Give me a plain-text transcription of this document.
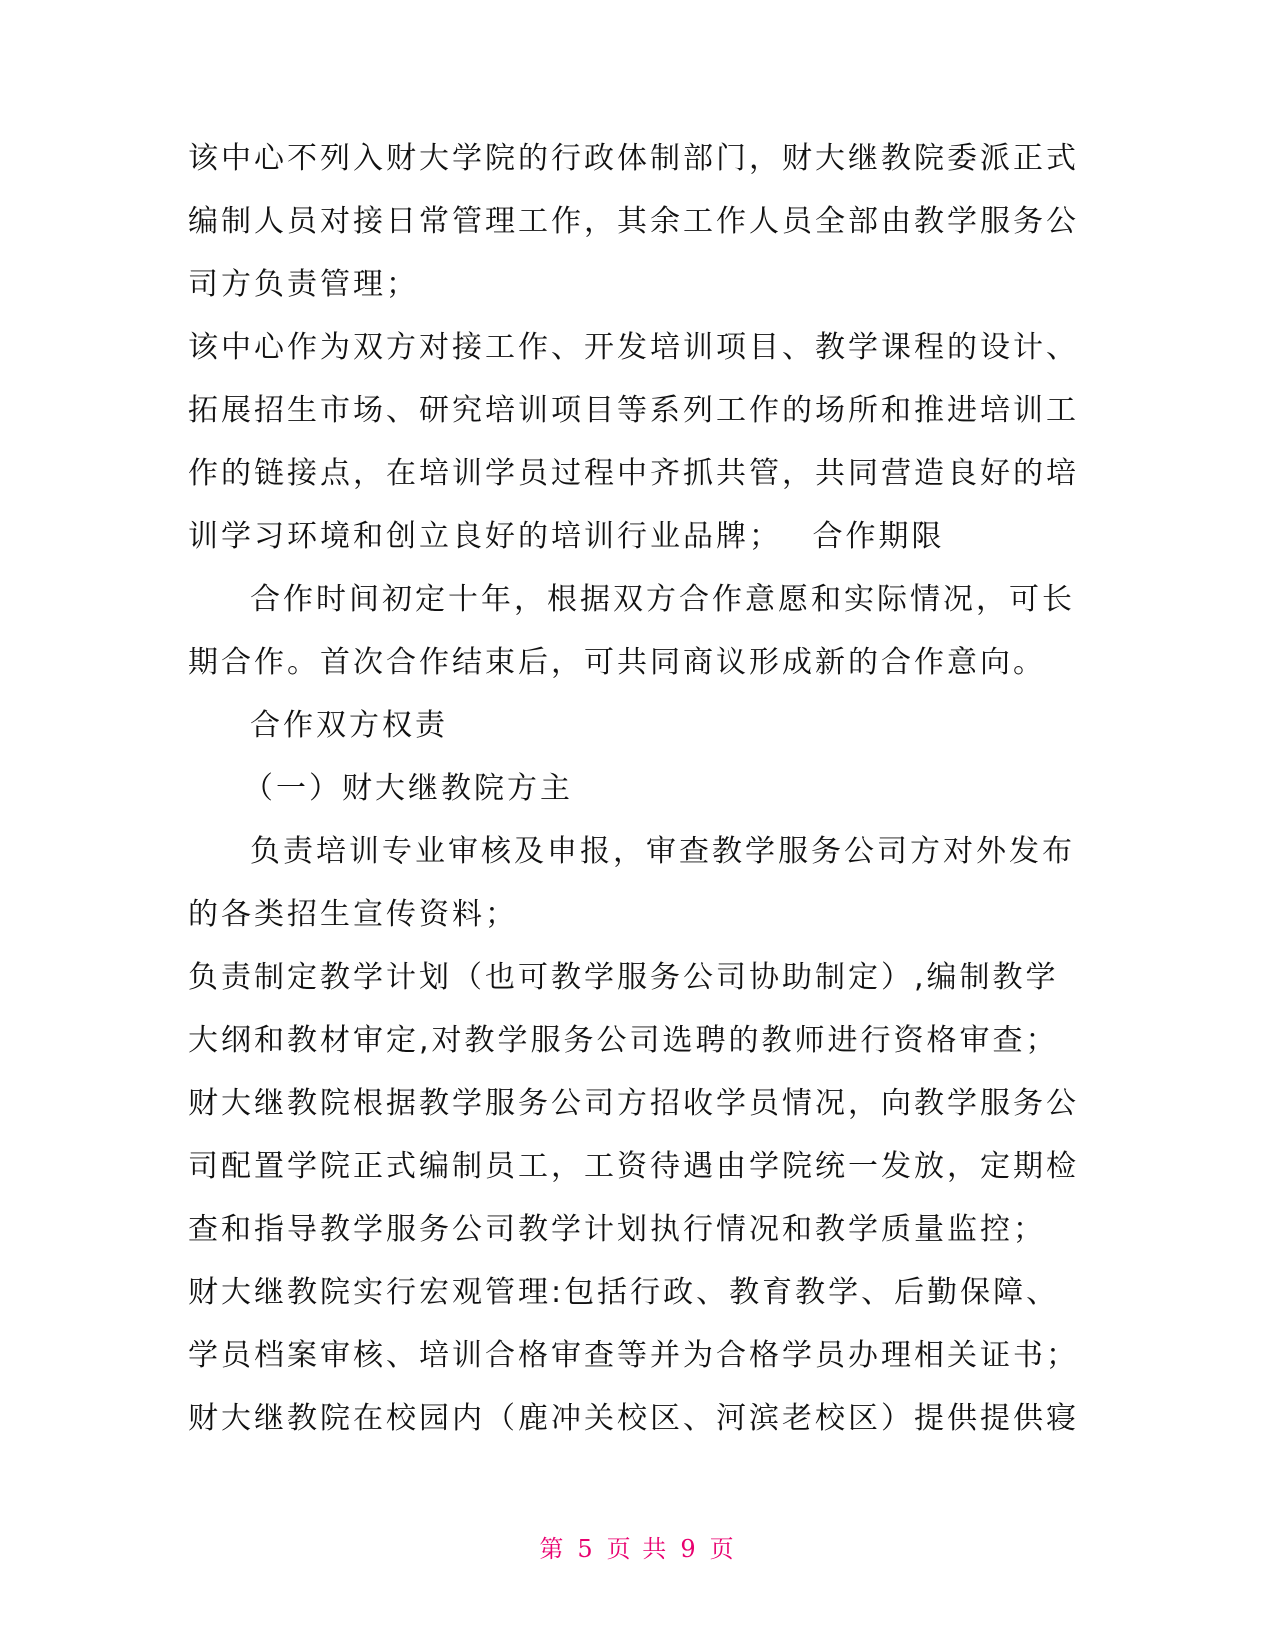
该中心不列入财大学院的行政体制部门，财大继教院委派正式
编制人员对接日常管理工作，其余工作人员全部由教学服务公
司方负责管理；
该中心作为双方对接工作、开发培训项目、教学课程的设计、
拓展招生市场、研究培训项目等系列工作的场所和推进培训工
作的链接点，在培训学员过程中齐抓共管，共同营造良好的培
训学习环境和创立良好的培训行业品牌；　 合作期限
合作时间初定十年，根据双方合作意愿和实际情况，可长
期合作。首次合作结束后，可共同商议形成新的合作意向。
合作双方权责
（一）财大继教院方主
负责培训专业审核及申报，审查教学服务公司方对外发布
的各类招生宣传资料；
负责制定教学计划（也可教学服务公司协助制定）,编制教学
大纲和教材审定,对教学服务公司选聘的教师进行资格审查；
财大继教院根据教学服务公司方招收学员情况，向教学服务公
司配置学院正式编制员工，工资待遇由学院统一发放，定期检
查和指导教学服务公司教学计划执行情况和教学质量监控；
财大继教院实行宏观管理:包括行政、教育教学、后勤保障、
学员档案审核、培训合格审查等并为合格学员办理相关证书；
财大继教院在校园内（鹿冲关校区、河滨老校区）提供提供寝
第 5 页 共 9 页
